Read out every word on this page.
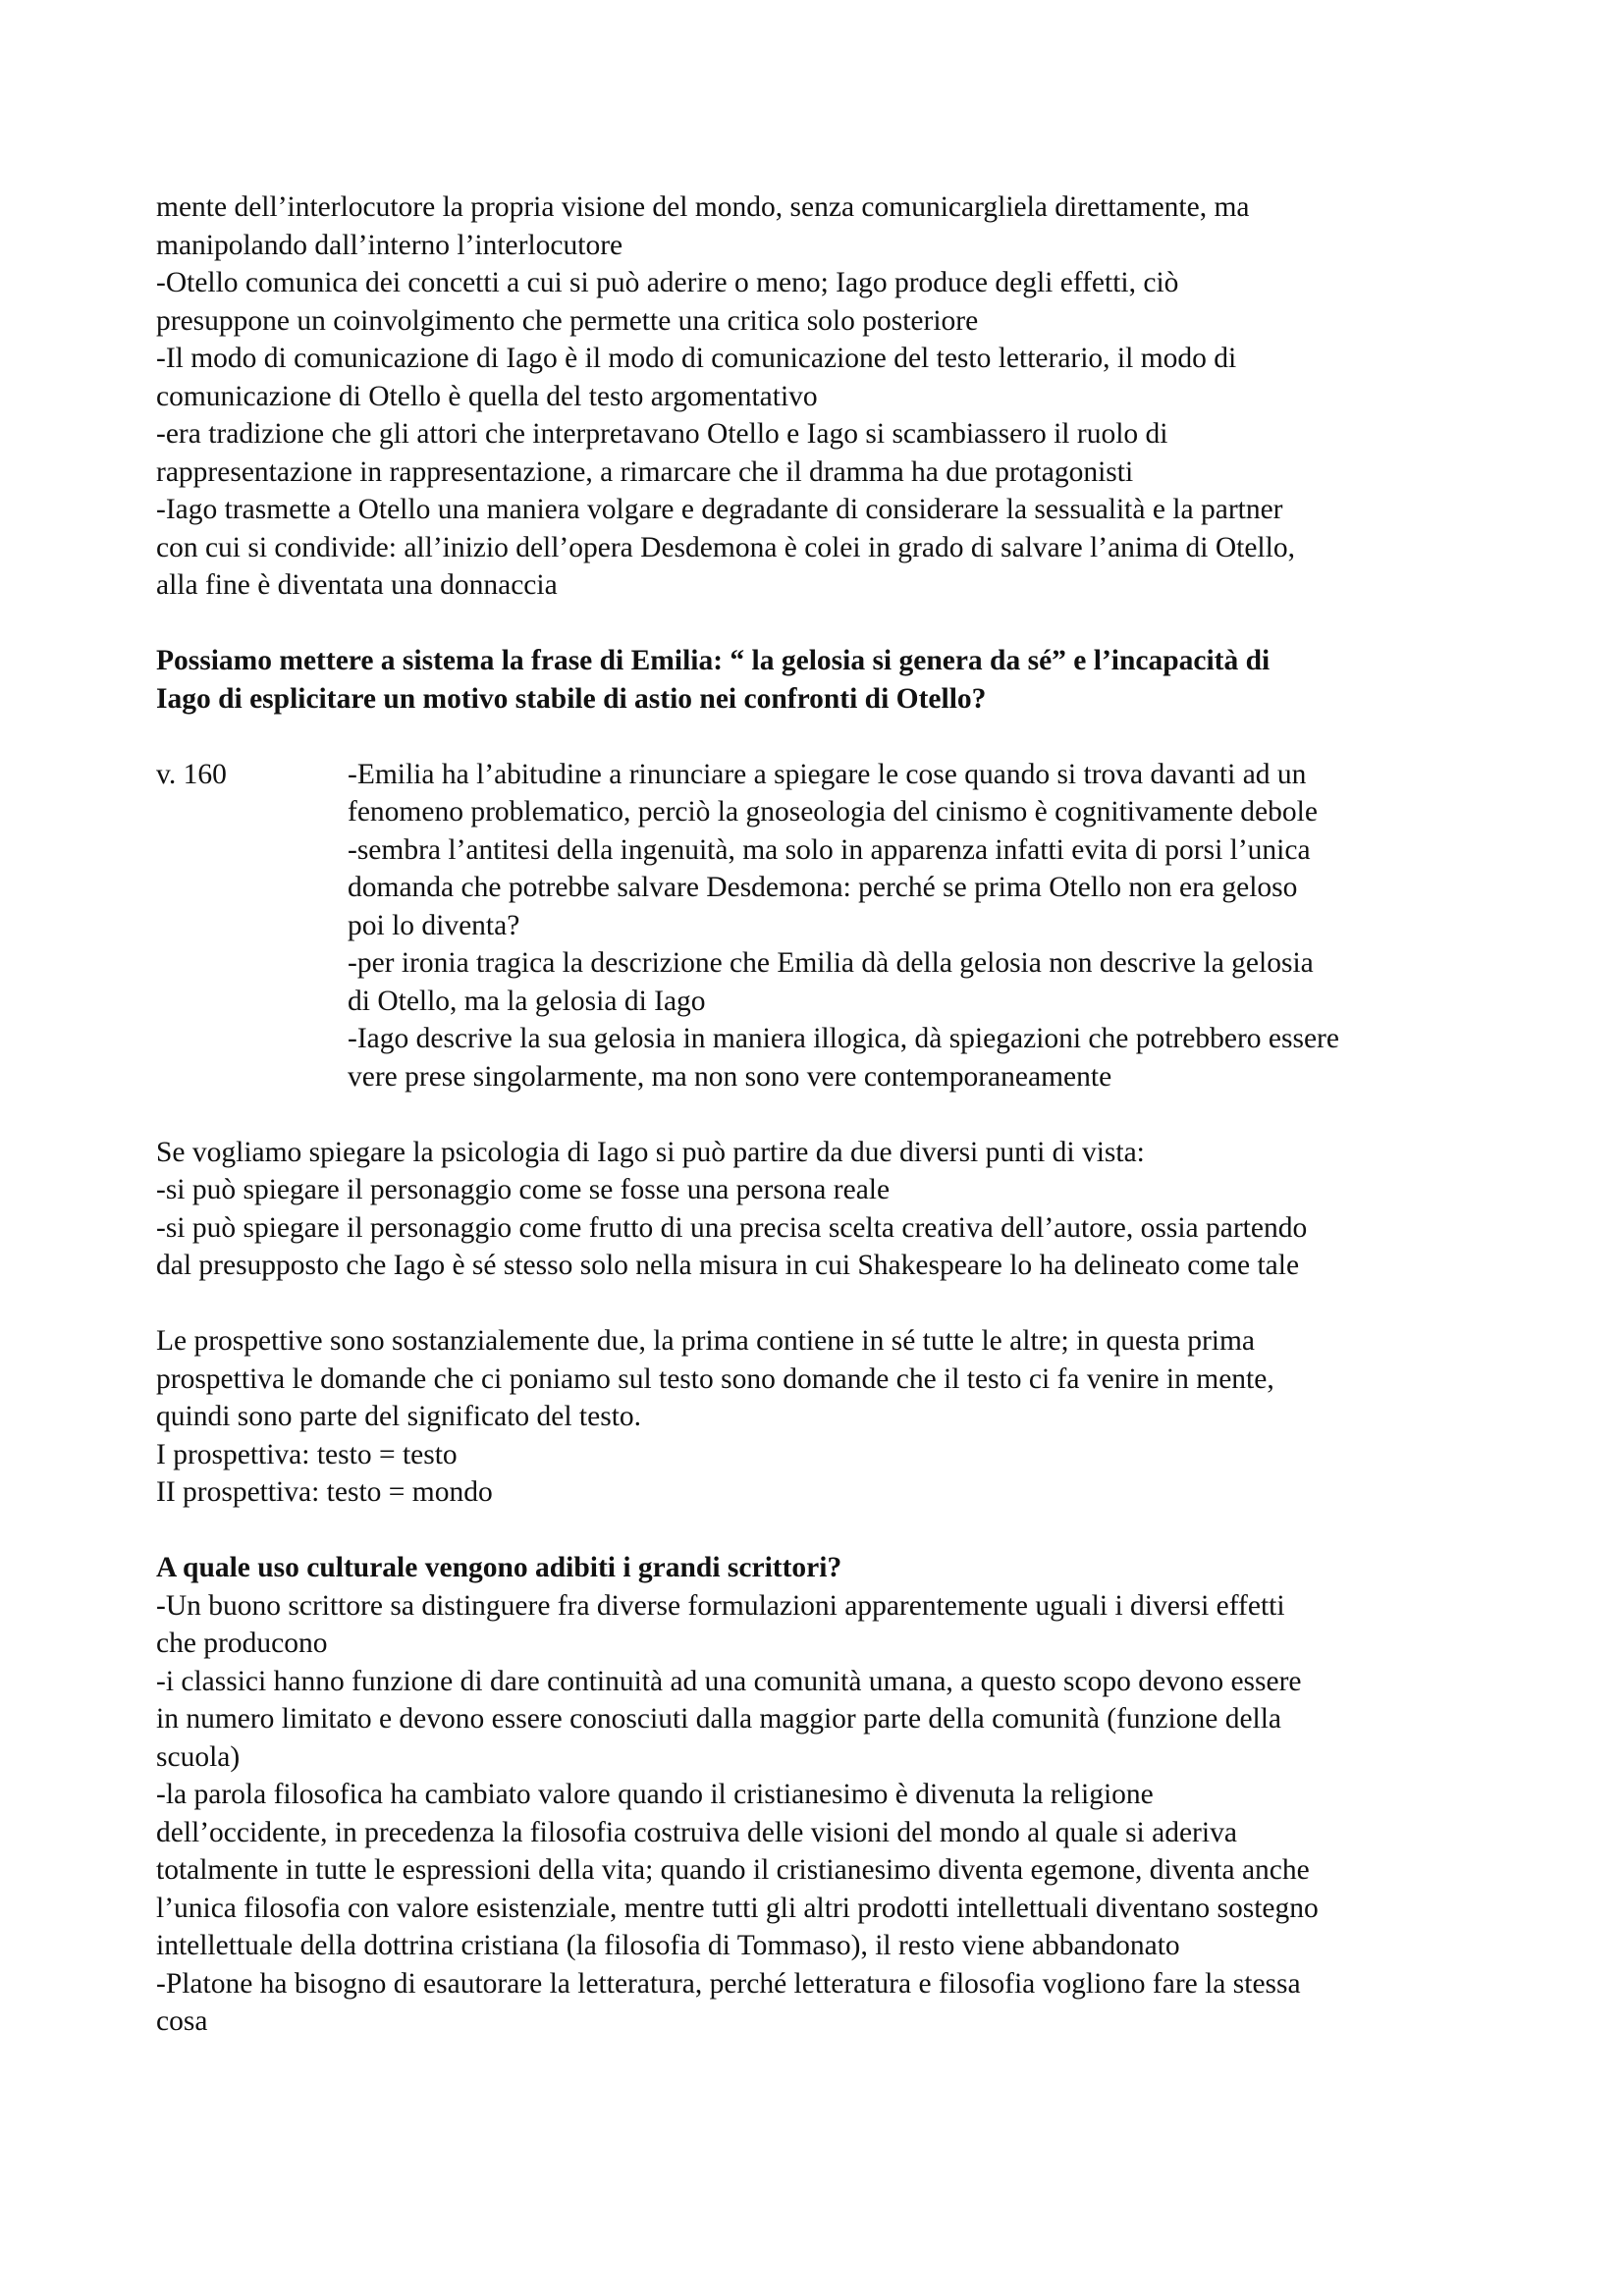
mente dell’interlocutore la propria visione del mondo, senza comunicargliela direttamente, ma
manipolando dall’interno l’interlocutore
-Otello comunica dei concetti a cui si può aderire o meno; Iago produce degli effetti, ciò
presuppone un coinvolgimento che permette una critica solo posteriore
-Il modo di comunicazione di Iago è il modo di comunicazione del testo letterario, il modo di
comunicazione di Otello è quella del testo argomentativo
-era tradizione che gli attori che interpretavano Otello e Iago si scambiassero il ruolo di
rappresentazione in rappresentazione, a rimarcare che il dramma ha due protagonisti
-Iago trasmette a Otello una maniera volgare e degradante di considerare la sessualità e la partner
con cui si condivide: all’inizio dell’opera Desdemona è colei in grado di salvare l’anima di Otello,
alla fine è diventata una donnaccia
Possiamo mettere a sistema la frase di Emilia: “ la gelosia si genera da sé” e l’incapacità di
Iago di esplicitare un motivo stabile di astio nei confronti di Otello?
v. 160	-Emilia ha l’abitudine a rinunciare a spiegare le cose quando si trova davanti ad un
fenomeno problematico, perciò la gnoseologia del cinismo è cognitivamente debole
-sembra l’antitesi della ingenuità, ma solo in apparenza infatti evita di porsi l’unica
domanda che potrebbe salvare Desdemona: perché se prima Otello non era geloso
poi lo diventa?
-per ironia tragica la descrizione che Emilia dà della gelosia non descrive la gelosia
di Otello, ma la gelosia di Iago
-Iago descrive la sua gelosia in maniera illogica, dà spiegazioni che potrebbero essere
vere prese singolarmente, ma non sono vere contemporaneamente
Se vogliamo spiegare la psicologia di Iago si può partire da due diversi punti di vista:
-si può spiegare il personaggio come se fosse una persona reale
-si può spiegare il personaggio come frutto di una precisa scelta creativa dell’autore, ossia partendo
dal presupposto che Iago è sé stesso solo nella misura in cui Shakespeare lo ha delineato come tale
Le prospettive sono sostanzialemente due, la prima contiene in sé tutte le altre; in questa prima
prospettiva le domande che ci poniamo sul testo sono domande che il testo ci fa venire in mente,
quindi sono parte del significato del testo.
I prospettiva: testo = testo
II prospettiva: testo = mondo
A quale uso culturale vengono adibiti i grandi scrittori?
-Un buono scrittore sa distinguere fra diverse formulazioni apparentemente uguali i diversi effetti
che producono
-i classici hanno funzione di dare continuità ad una comunità umana, a questo scopo devono essere
in numero limitato e devono essere conosciuti dalla maggior parte della comunità (funzione della
scuola)
-la parola filosofica ha cambiato valore quando il cristianesimo è divenuta la religione
dell’occidente, in precedenza la filosofia costruiva delle visioni del mondo al quale si aderiva
totalmente in tutte le espressioni della vita; quando il cristianesimo diventa egemone, diventa anche
l’unica filosofia con valore esistenziale, mentre tutti gli altri prodotti intellettuali diventano sostegno
intellettuale della dottrina cristiana (la filosofia di Tommaso), il resto viene abbandonato
-Platone ha bisogno di esautorare la letteratura, perché letteratura e filosofia vogliono fare la stessa
cosa
